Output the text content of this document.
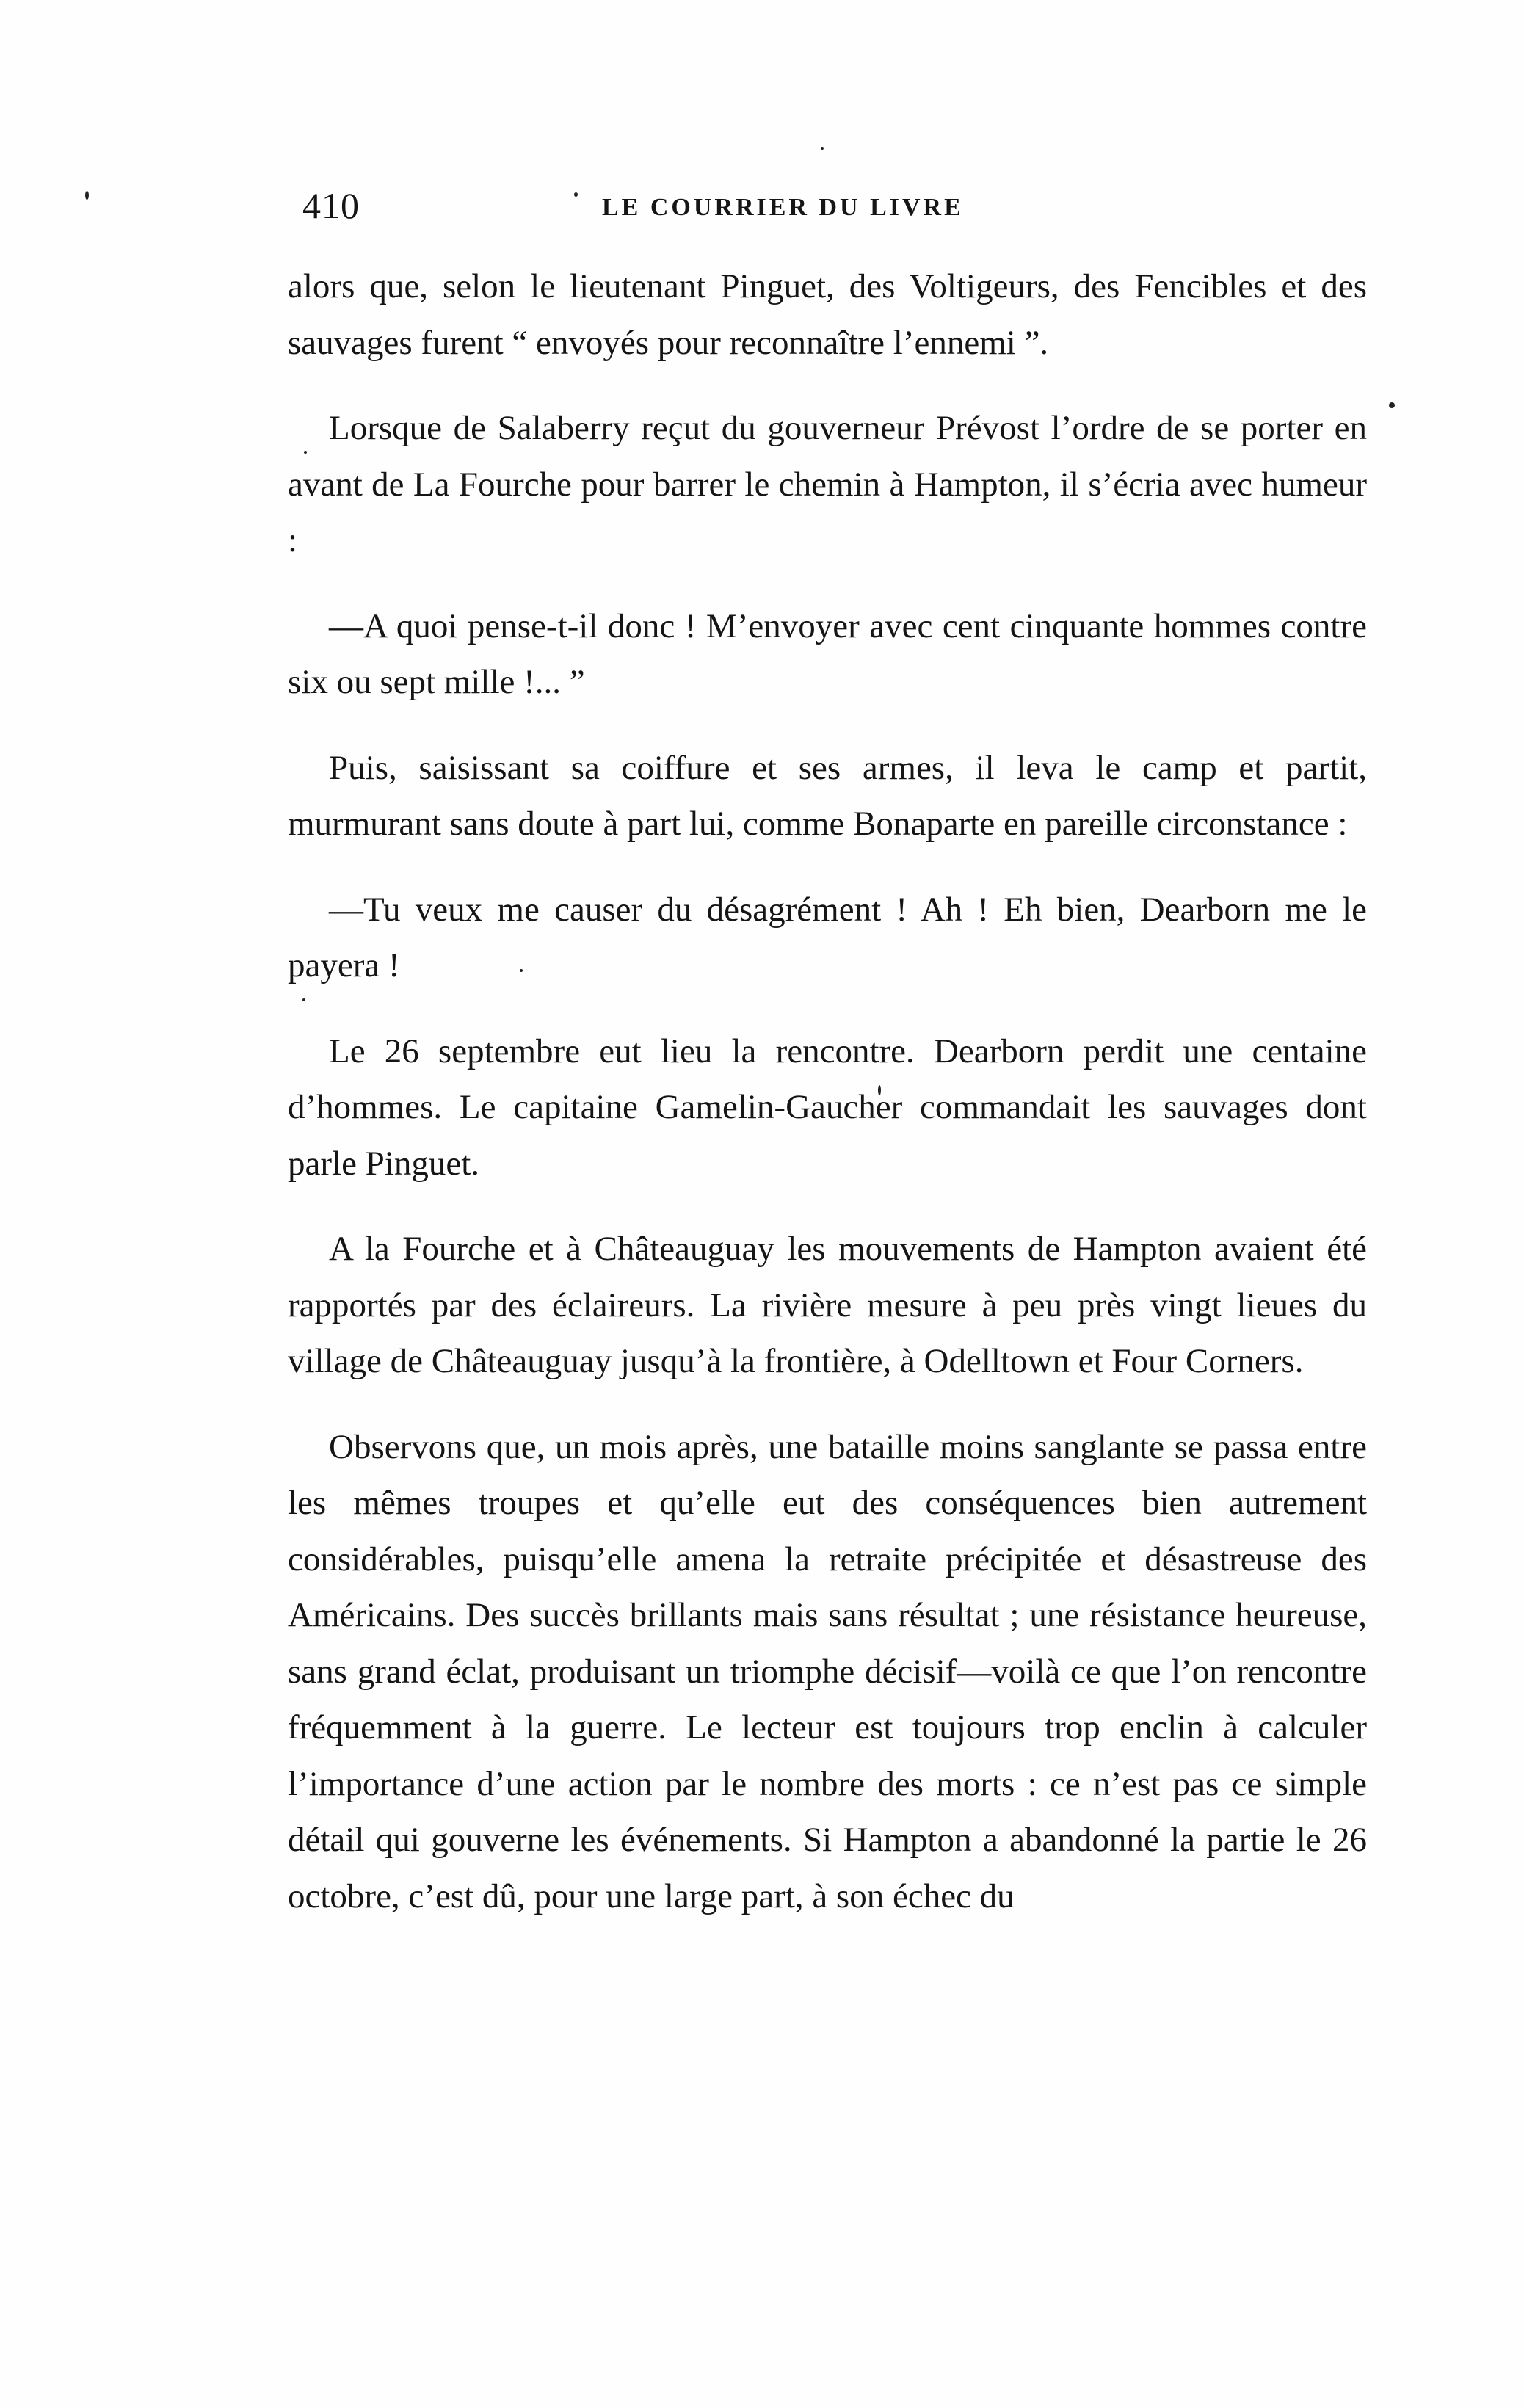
410	LE COURRIER DU LIVRE

alors que, selon le lieutenant Pinguet, des Voltigeurs, des Fencibles et des sauvages furent “ envoyés pour reconnaître l’ennemi ”.

Lorsque de Salaberry reçut du gouverneur Prévost l’ordre de se porter en avant de La Fourche pour barrer le chemin à Hampton, il s’écria avec humeur :

—A quoi pense-t-il donc ! M’envoyer avec cent cinquante hommes contre six ou sept mille !... ”

Puis, saisissant sa coiffure et ses armes, il leva le camp et partit, murmurant sans doute à part lui, comme Bonaparte en pareille circonstance :

—Tu veux me causer du désagrément ! Ah ! Eh bien, Dearborn me le payera !

Le 26 septembre eut lieu la rencontre. Dearborn perdit une centaine d’hommes. Le capitaine Gamelin-Gaucher commandait les sauvages dont parle Pinguet.

A la Fourche et à Châteauguay les mouvements de Hampton avaient été rapportés par des éclaireurs. La rivière mesure à peu près vingt lieues du village de Châteauguay jusqu’à la frontière, à Odelltown et Four Corners.

Observons que, un mois après, une bataille moins sanglante se passa entre les mêmes troupes et qu’elle eut des conséquences bien autrement considérables, puisqu’elle amena la retraite précipitée et désastreuse des Américains. Des succès brillants mais sans résultat ; une résistance heureuse, sans grand éclat, produisant un triomphe décisif—voilà ce que l’on rencontre fréquemment à la guerre. Le lecteur est toujours trop enclin à calculer l’importance d’une action par le nombre des morts : ce n’est pas ce simple détail qui gouverne les événements. Si Hampton a abandonné la partie le 26 octobre, c’est dû, pour une large part, à son échec du
